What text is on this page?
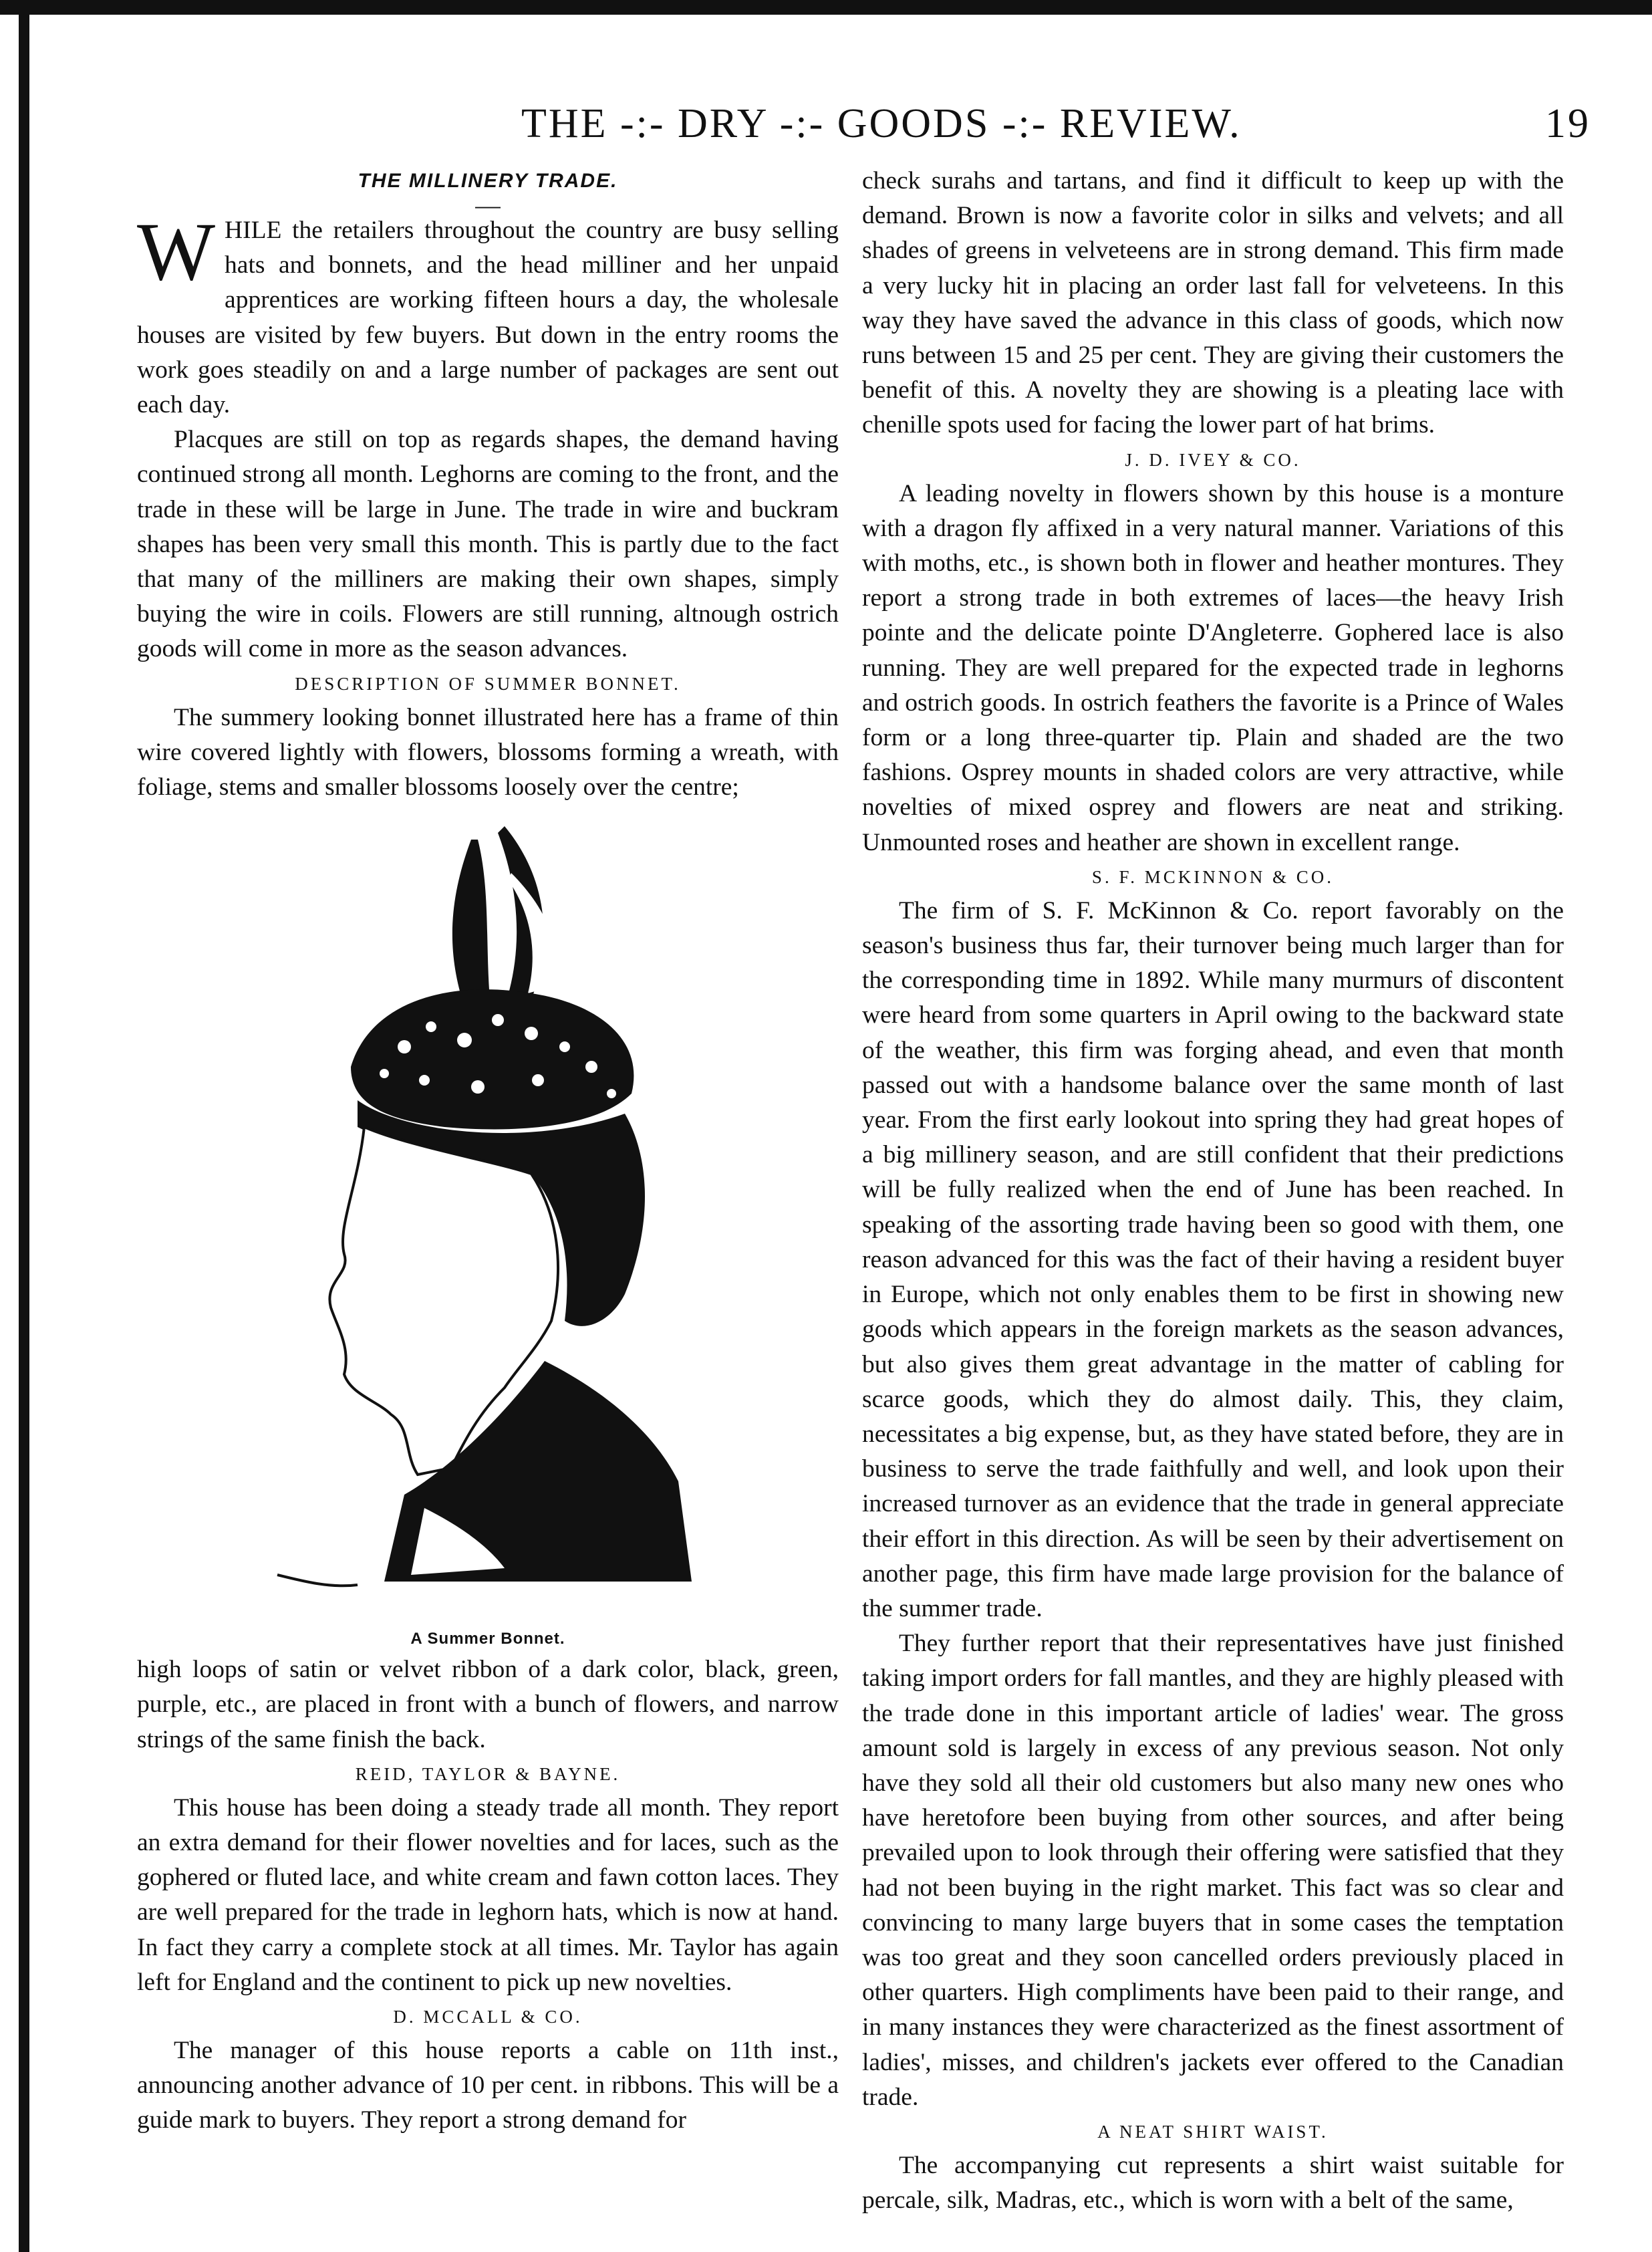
THE -:- DRY -:- GOODS -:- REVIEW.	19

THE MILLINERY TRADE.

—

WHILE the retailers throughout the country are busy selling hats and bonnets, and the head milliner and her unpaid apprentices are working fifteen hours a day, the wholesale houses are visited by few buyers. But down in the entry rooms the work goes steadily on and a large number of packages are sent out each day.

Placques are still on top as regards shapes, the demand having continued strong all month. Leghorns are coming to the front, and the trade in these will be large in June. The trade in wire and buckram shapes has been very small this month. This is partly due to the fact that many of the milliners are making their own shapes, simply buying the wire in coils. Flowers are still running, altnough ostrich goods will come in more as the season advances.

DESCRIPTION OF SUMMER BONNET.

The summery looking bonnet illustrated here has a frame of thin wire covered lightly with flowers, blossoms forming a wreath, with foliage, stems and smaller blossoms loosely over the centre;

A Summer Bonnet.

high loops of satin or velvet ribbon of a dark color, black, green, purple, etc., are placed in front with a bunch of flowers, and narrow strings of the same finish the back.

REID, TAYLOR & BAYNE.

This house has been doing a steady trade all month. They report an extra demand for their flower novelties and for laces, such as the gophered or fluted lace, and white cream and fawn cotton laces. They are well prepared for the trade in leghorn hats, which is now at hand. In fact they carry a complete stock at all times. Mr. Taylor has again left for England and the continent to pick up new novelties.

D. MCCALL & CO.

The manager of this house reports a cable on 11th inst., announcing another advance of 10 per cent. in ribbons. This will be a guide mark to buyers. They report a strong demand for

check surahs and tartans, and find it difficult to keep up with the demand. Brown is now a favorite color in silks and velvets; and all shades of greens in velveteens are in strong demand. This firm made a very lucky hit in placing an order last fall for velveteens. In this way they have saved the advance in this class of goods, which now runs between 15 and 25 per cent. They are giving their customers the benefit of this. A novelty they are showing is a pleating lace with chenille spots used for facing the lower part of hat brims.

J. D. IVEY & CO.

A leading novelty in flowers shown by this house is a monture with a dragon fly affixed in a very natural manner. Variations of this with moths, etc., is shown both in flower and heather montures. They report a strong trade in both extremes of laces—the heavy Irish pointe and the delicate pointe D'Angleterre. Gophered lace is also running. They are well prepared for the expected trade in leghorns and ostrich goods. In ostrich feathers the favorite is a Prince of Wales form or a long three-quarter tip. Plain and shaded are the two fashions. Osprey mounts in shaded colors are very attractive, while novelties of mixed osprey and flowers are neat and striking. Unmounted roses and heather are shown in excellent range.

S. F. MCKINNON & CO.

The firm of S. F. McKinnon & Co. report favorably on the season's business thus far, their turnover being much larger than for the corresponding time in 1892. While many murmurs of discontent were heard from some quarters in April owing to the backward state of the weather, this firm was forging ahead, and even that month passed out with a handsome balance over the same month of last year. From the first early lookout into spring they had great hopes of a big millinery season, and are still confident that their predictions will be fully realized when the end of June has been reached. In speaking of the assorting trade having been so good with them, one reason advanced for this was the fact of their having a resident buyer in Europe, which not only enables them to be first in showing new goods which appears in the foreign markets as the season advances, but also gives them great advantage in the matter of cabling for scarce goods, which they do almost daily. This, they claim, necessitates a big expense, but, as they have stated before, they are in business to serve the trade faithfully and well, and look upon their increased turnover as an evidence that the trade in general appreciate their effort in this direction. As will be seen by their advertisement on another page, this firm have made large provision for the balance of the summer trade.

They further report that their representatives have just finished taking import orders for fall mantles, and they are highly pleased with the trade done in this important article of ladies' wear. The gross amount sold is largely in excess of any previous season. Not only have they sold all their old customers but also many new ones who have heretofore been buying from other sources, and after being prevailed upon to look through their offering were satisfied that they had not been buying in the right market. This fact was so clear and convincing to many large buyers that in some cases the temptation was too great and they soon cancelled orders previously placed in other quarters. High compliments have been paid to their range, and in many instances they were characterized as the finest assortment of ladies', misses, and children's jackets ever offered to the Canadian trade.

A NEAT SHIRT WAIST.

The accompanying cut represents a shirt waist suitable for percale, silk, Madras, etc., which is worn with a belt of the same,
